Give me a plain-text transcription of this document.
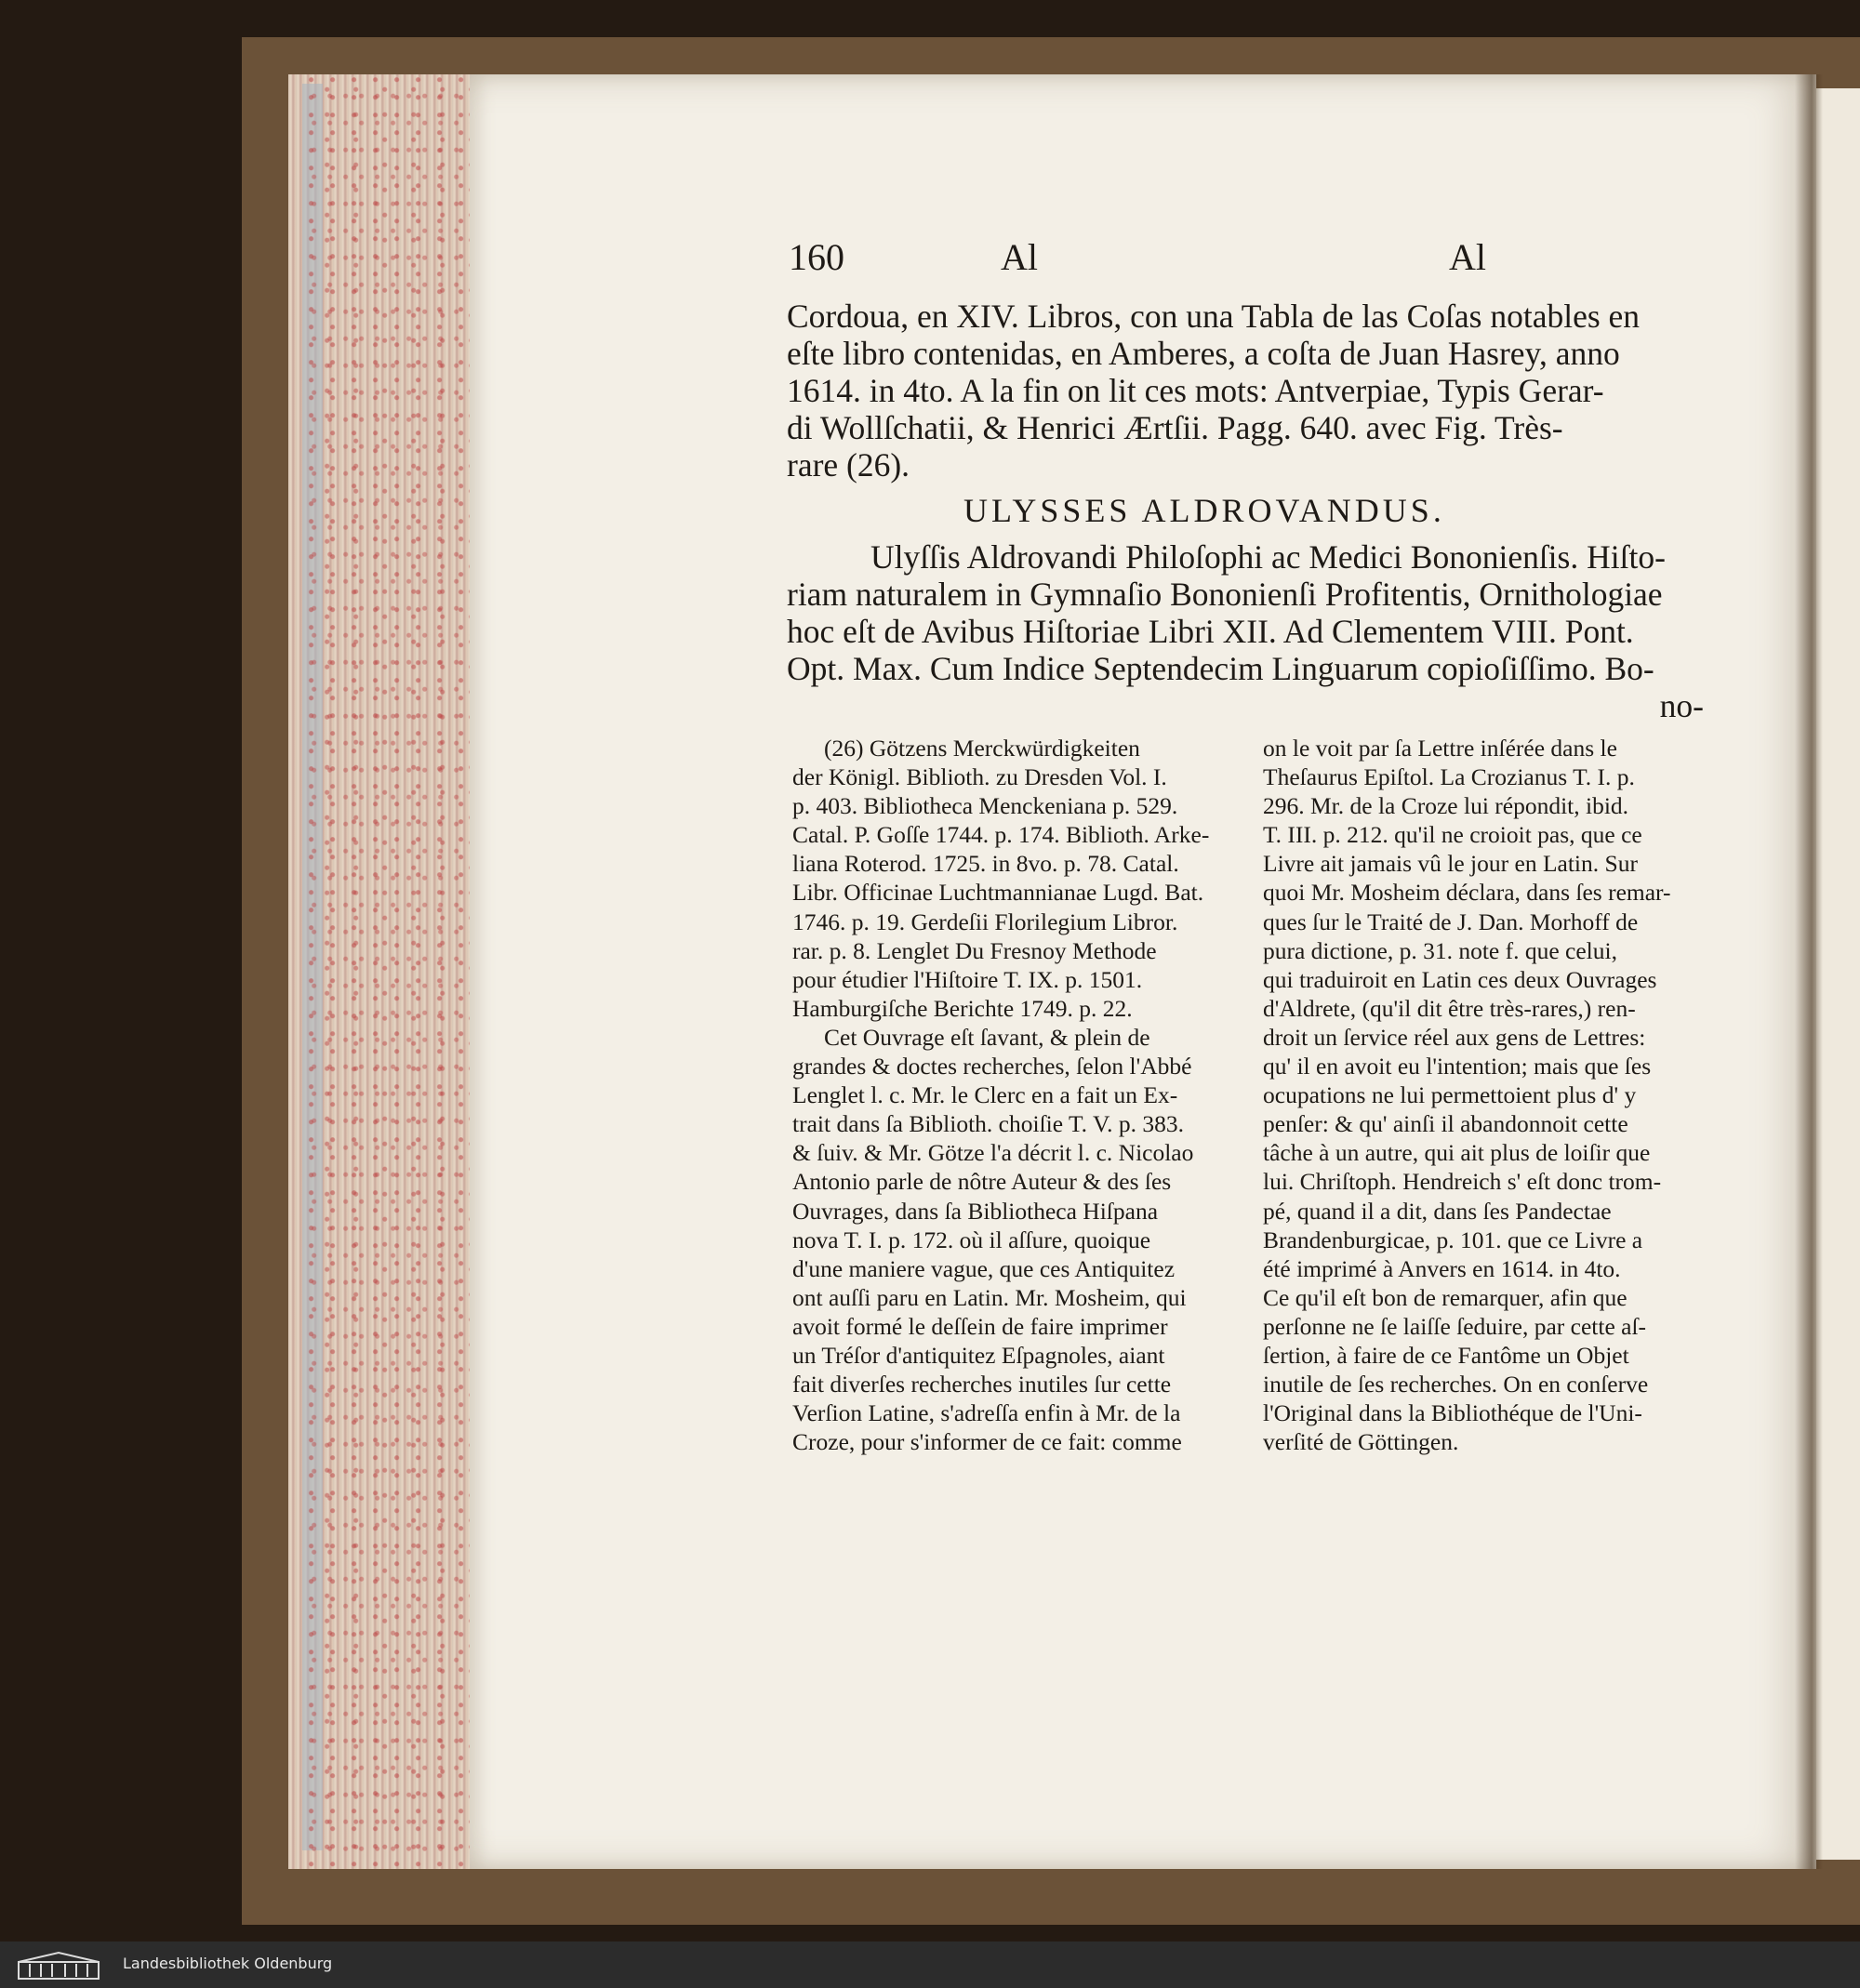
160	Al	Al
Cordoua, en XIV. Libros, con una Tabla de las Coſas notables en
eſte libro contenidas, en Amberes, a coſta de Juan Hasrey, anno
1614. in 4to. A la fin on lit ces mots: Antverpiae, Typis Gerar-
di Wollſchatii, & Henrici Ærtſii. Pagg. 640. avec Fig. Très-
rare (26).
ULYSSES ALDROVANDUS.
Ulyſſis Aldrovandi Philoſophi ac Medici Bononienſis. Hiſto-
riam naturalem in Gymnaſio Bononienſi Profitentis, Ornithologiae
hoc eſt de Avibus Hiſtoriae Libri XII. Ad Clementem VIII. Pont.
Opt. Max. Cum Indice Septendecim Linguarum copioſiſſimo. Bo-
no-
(26) Götzens Merckwürdigkeiten
der Königl. Biblioth. zu Dresden Vol. I.
p. 403. Bibliotheca Menckeniana p. 529.
Catal. P. Goſſe 1744. p. 174. Biblioth. Arke-
liana Roterod. 1725. in 8vo. p. 78. Catal.
Libr. Officinae Luchtmannianae Lugd. Bat.
1746. p. 19. Gerdeſii Florilegium Libror.
rar. p. 8. Lenglet Du Fresnoy Methode
pour étudier l'Hiſtoire T. IX. p. 1501.
Hamburgiſche Berichte 1749. p. 22.
Cet Ouvrage eſt ſavant, & plein de
grandes & doctes recherches, ſelon l'Abbé
Lenglet l. c. Mr. le Clerc en a fait un Ex-
trait dans ſa Biblioth. choiſie T. V. p. 383.
& ſuiv. & Mr. Götze l'a décrit l. c. Nicolao
Antonio parle de nôtre Auteur & des ſes
Ouvrages, dans ſa Bibliotheca Hiſpana
nova T. I. p. 172. où il aſſure, quoique
d'une maniere vague, que ces Antiquitez
ont auſſi paru en Latin. Mr. Mosheim, qui
avoit formé le deſſein de faire imprimer
un Tréſor d'antiquitez Eſpagnoles, aiant
fait diverſes recherches inutiles ſur cette
Verſion Latine, s'adreſſa enfin à Mr. de la
Croze, pour s'informer de ce fait: comme
on le voit par ſa Lettre inſérée dans le
Theſaurus Epiſtol. La Crozianus T. I. p.
296. Mr. de la Croze lui répondit, ibid.
T. III. p. 212. qu'il ne croioit pas, que ce
Livre ait jamais vû le jour en Latin. Sur
quoi Mr. Mosheim déclara, dans ſes remar-
ques ſur le Traité de J. Dan. Morhoff de
pura dictione, p. 31. note f. que celui,
qui traduiroit en Latin ces deux Ouvrages
d'Aldrete, (qu'il dit être très-rares,) ren-
droit un ſervice réel aux gens de Lettres:
qu' il en avoit eu l'intention; mais que ſes
ocupations ne lui permettoient plus d' y
penſer: & qu' ainſi il abandonnoit cette
tâche à un autre, qui ait plus de loiſir que
lui. Chriſtoph. Hendreich s' eſt donc trom-
pé, quand il a dit, dans ſes Pandectae
Brandenburgicae, p. 101. que ce Livre a
été imprimé à Anvers en 1614. in 4to.
Ce qu'il eſt bon de remarquer, afin que
perſonne ne ſe laiſſe ſeduire, par cette aſ-
ſertion, à faire de ce Fantôme un Objet
inutile de ſes recherches. On en conſerve
l'Original dans la Bibliothéque de l'Uni-
verſité de Göttingen.
Landesbibliothek Oldenburg
